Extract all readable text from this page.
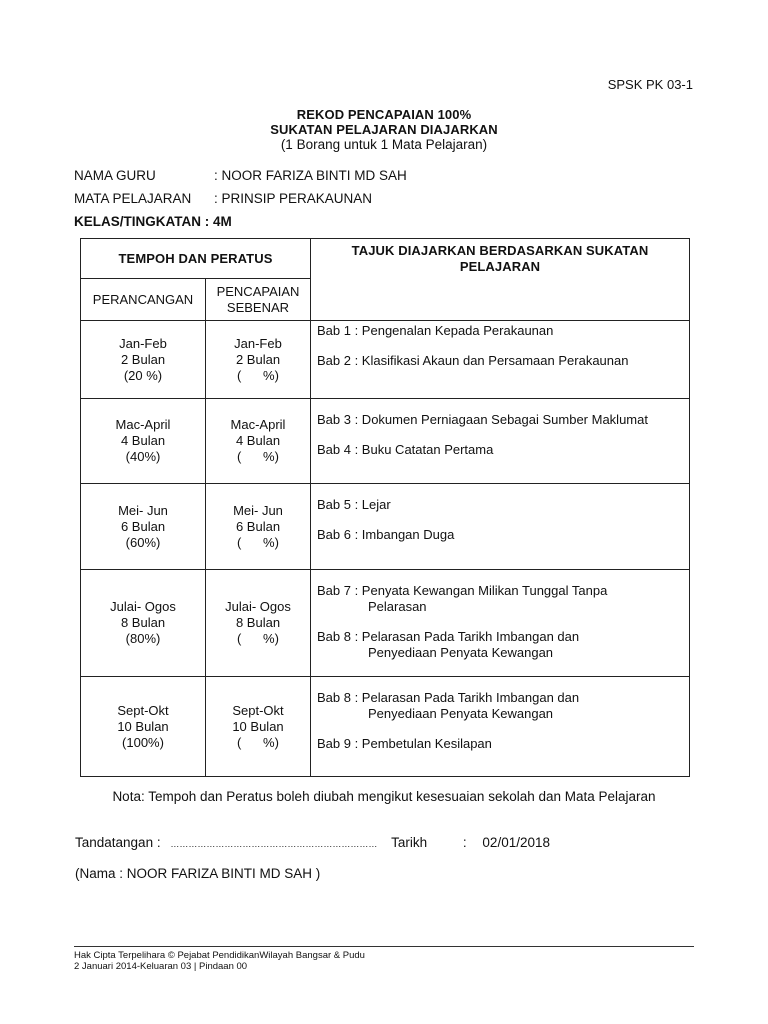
SPSK PK 03-1
REKOD PENCAPAIAN 100%
SUKATAN PELAJARAN DIAJARKAN
(1 Borang untuk 1 Mata Pelajaran)
NAMA GURU	: NOOR FARIZA BINTI MD SAH
MATA PELAJARAN : PRINSIP PERAKAUNAN
KELAS/TINGKATAN : 4M
TEMPOH DAN PERATUS		TAJUK DIAJARKAN BERDASARKAN SUKATAN PELAJARAN
PERANCANGAN	PENCAPAIAN
SEBENAR	

Jan-Feb
2 Bulan
(20 %)	Jan-Feb
2 Bulan
(      %)	Bab 1 : Pengenalan Kepada Perakaunan
Bab 2 : Klasifikasi Akaun dan Persamaan Perakaunan

Mac-April
4 Bulan
(40%)	Mac-April
4 Bulan
(      %)	Bab 3 : Dokumen Perniagaan Sebagai Sumber Maklumat
Bab 4 : Buku Catatan Pertama

Mei- Jun
6 Bulan
(60%)	Mei- Jun
6 Bulan
(      %)	Bab 5 : Lejar
Bab 6 : Imbangan Duga

Julai- Ogos
8 Bulan
(80%)	Julai- Ogos
8 Bulan
(      %)	Bab 7 : Penyata Kewangan Milikan Tunggal Tanpa
Pelarasan
Bab 8 : Pelarasan Pada Tarikh Imbangan dan
Penyediaan Penyata Kewangan

Sept-Okt
10 Bulan
(100%)	Sept-Okt
10 Bulan
(      %)	Bab 8 : Pelarasan Pada Tarikh Imbangan dan
Penyediaan Penyata Kewangan
Bab 9 : Pembetulan Kesilapan
Nota: Tempoh dan Peratus boleh diubah mengikut kesesuaian sekolah dan Mata Pelajaran
Tandatangan : …………………………………………………………… Tarikh	: 02/01/2018
(Nama : NOOR FARIZA BINTI MD SAH )
Hak Cipta Terpelihara © Pejabat PendidikanWilayah Bangsar & Pudu
2 Januari 2014-Keluaran 03 | Pindaan 00
